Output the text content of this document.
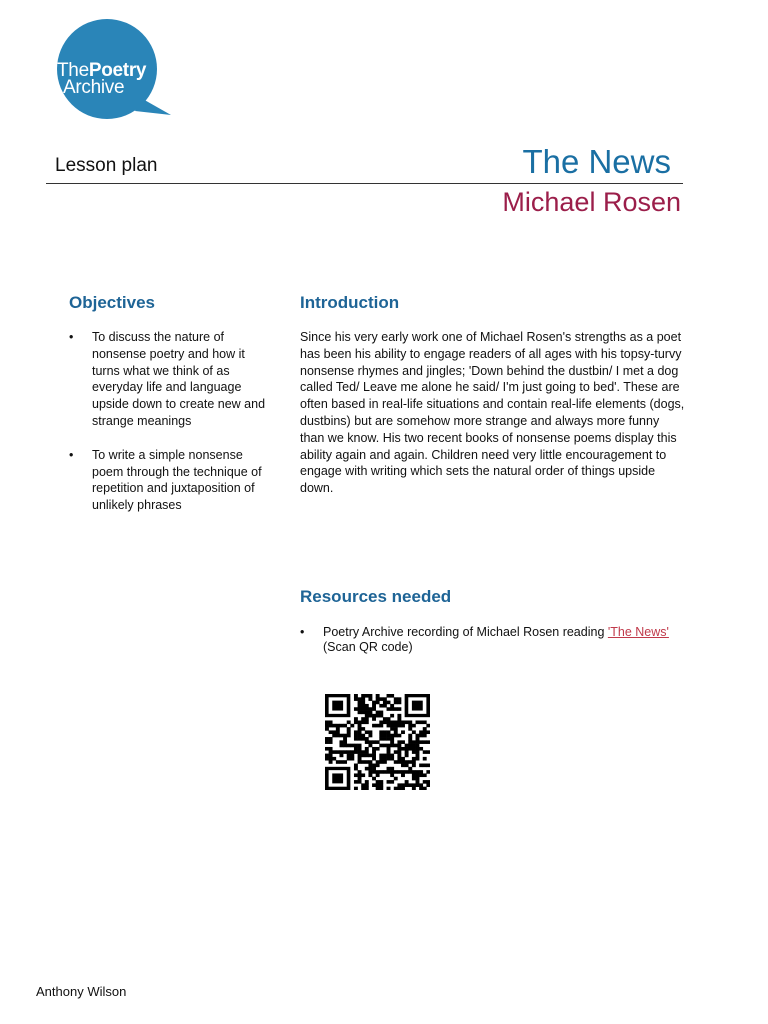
ThePoetry
Archive
Lesson plan	The News
Michael Rosen
Objectives
• To discuss the nature of nonsense poetry and how it turns what we think of as everyday life and language upside down to create new and strange meanings
• To write a simple nonsense poem through the technique of repetition and juxtaposition of unlikely phrases
Introduction

Since his very early work one of Michael Rosen's strengths as a poet has been his ability to engage readers of all ages with his topsy-turvy nonsense rhymes and jingles; 'Down behind the dustbin/ I met a dog called Ted/ Leave me alone he said/ I'm just going to bed'. These are often based in real-life situations and contain real-life elements (dogs, dustbins) but are somehow more strange and always more funny than we know. His two recent books of nonsense poems display this ability again and again. Children need very little encouragement to engage with writing which sets the natural order of things upside down.

Resources needed
• Poetry Archive recording of Michael Rosen reading 'The News' (Scan QR code)
Anthony Wilson
